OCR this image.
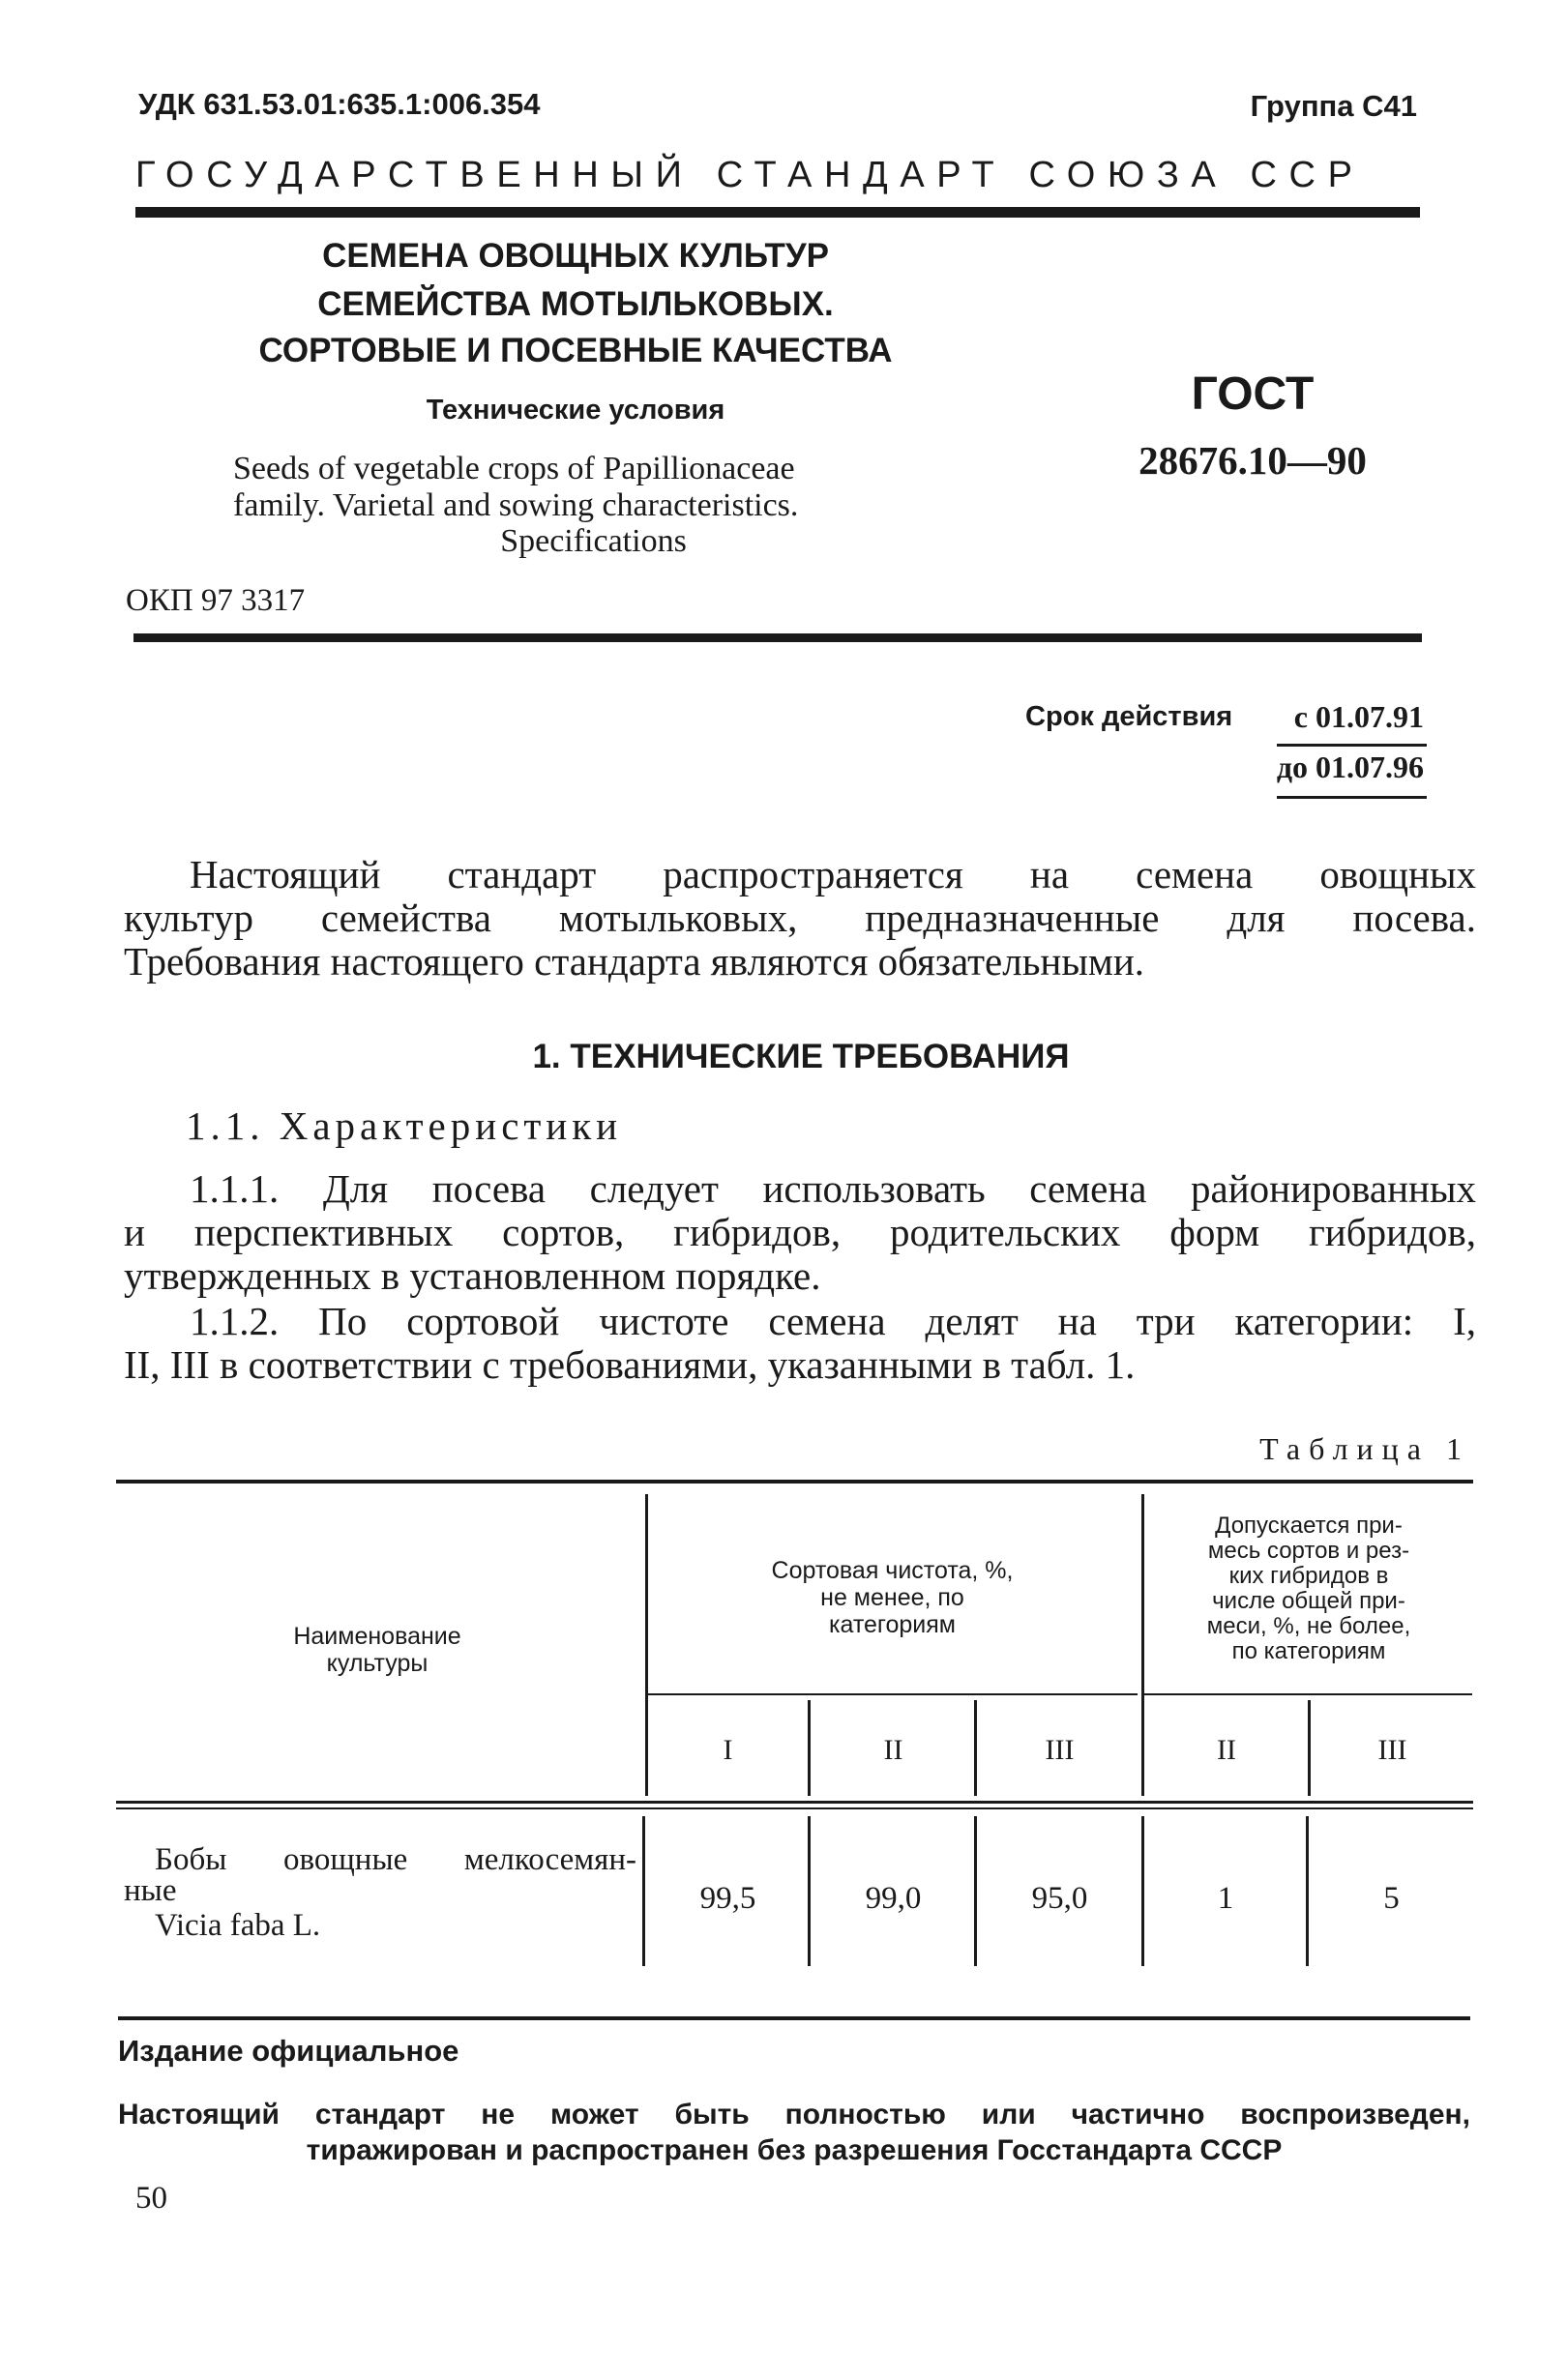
УДК 631.53.01:635.1:006.354	Группа С41
ГОСУДАРСТВЕННЫЙ СТАНДАРТ СОЮЗА ССР
СЕМЕНА ОВОЩНЫХ КУЛЬТУР
СЕМЕЙСТВА МОТЫЛЬКОВЫХ.
СОРТОВЫЕ И ПОСЕВНЫЕ КАЧЕСТВА
Технические условия
Seeds of vegetable crops of Papillionaceae
family. Varietal and sowing characteristics.
Specifications
ГОСТ
28676.10—90
ОКП 97 3317
Срок действия с 01.07.91
до 01.07.96
Настоящий стандарт распространяется на семена овощных
культур семейства мотыльковых, предназначенные для посева.
Требования настоящего стандарта являются обязательными.
1. ТЕХНИЧЕСКИЕ ТРЕБОВАНИЯ
1.1. Характеристики
1.1.1. Для посева следует использовать семена районированных
и перспективных сортов, гибридов, родительских форм гибридов,
утвержденных в установленном порядке.
1.1.2. По сортовой чистоте семена делят на три категории: I,
II, III в соответствии с требованиями, указанными в табл. 1.
Таблица 1
Наименование
культуры
Сортовая чистота, %,
не менее, по
категориям
Допускается при-
месь сортов и рез-
ких гибридов в
числе общей при-
меси, %, не более,
по категориям
I	II	III	II	III
Бобы овощные мелкосемян-
ные
Vicia faba L.
99,5	99,0	95,0	1	5
Издание официальное
Настоящий стандарт не может быть полностью или частично воспроизведен,
тиражирован и распространен без разрешения Госстандарта СССР
50
